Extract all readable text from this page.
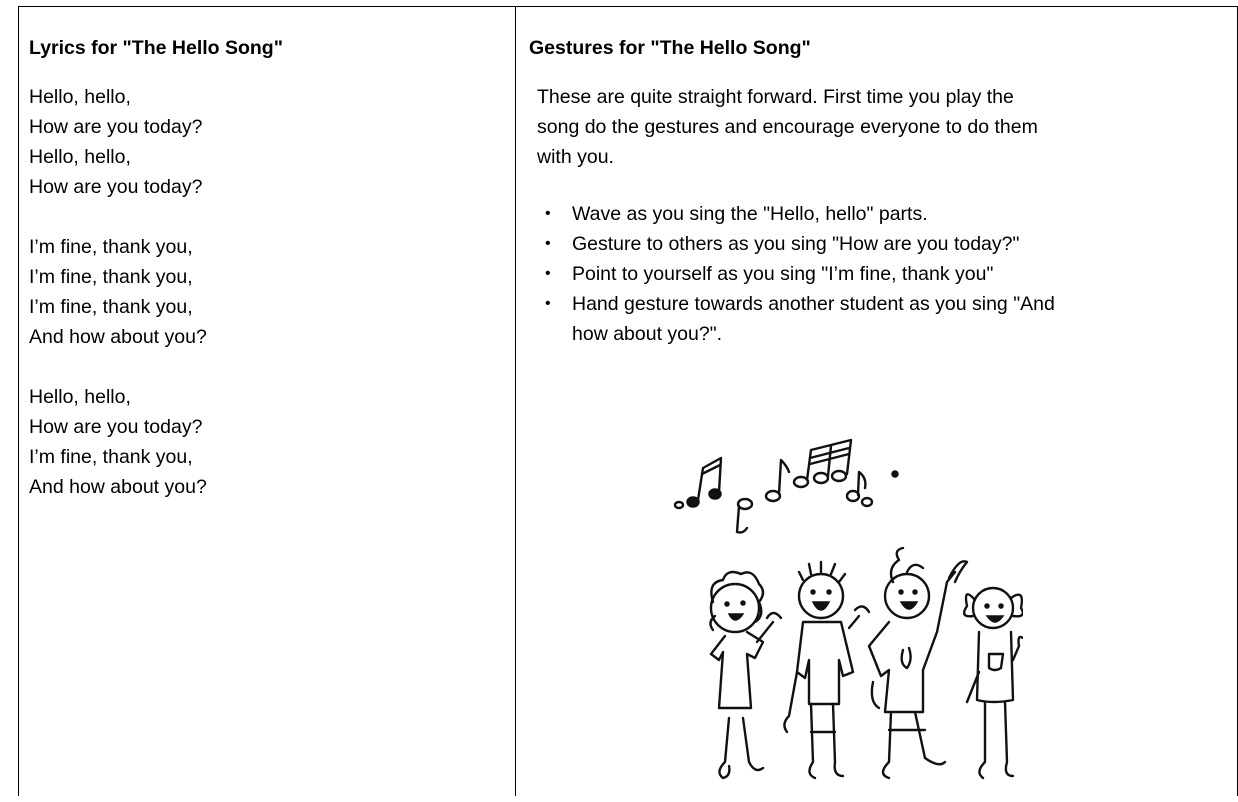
Lyrics for "The Hello Song"
Hello, hello,
How are you today?
Hello, hello,
How are you today?
I’m fine, thank you,
I’m fine, thank you,
I’m fine, thank you,
And how about you?
Hello, hello,
How are you today?
I’m fine, thank you,
And how about you?
Gestures for "The Hello Song"
These are quite straight forward. First time you play the
song do the gestures and encourage everyone to do them
with you.
• Wave as you sing the "Hello, hello" parts.
• Gesture to others as you sing "How are you today?"
• Point to yourself as you sing "I’m fine, thank you"
• Hand gesture towards another student as you sing "And
how about you?".
